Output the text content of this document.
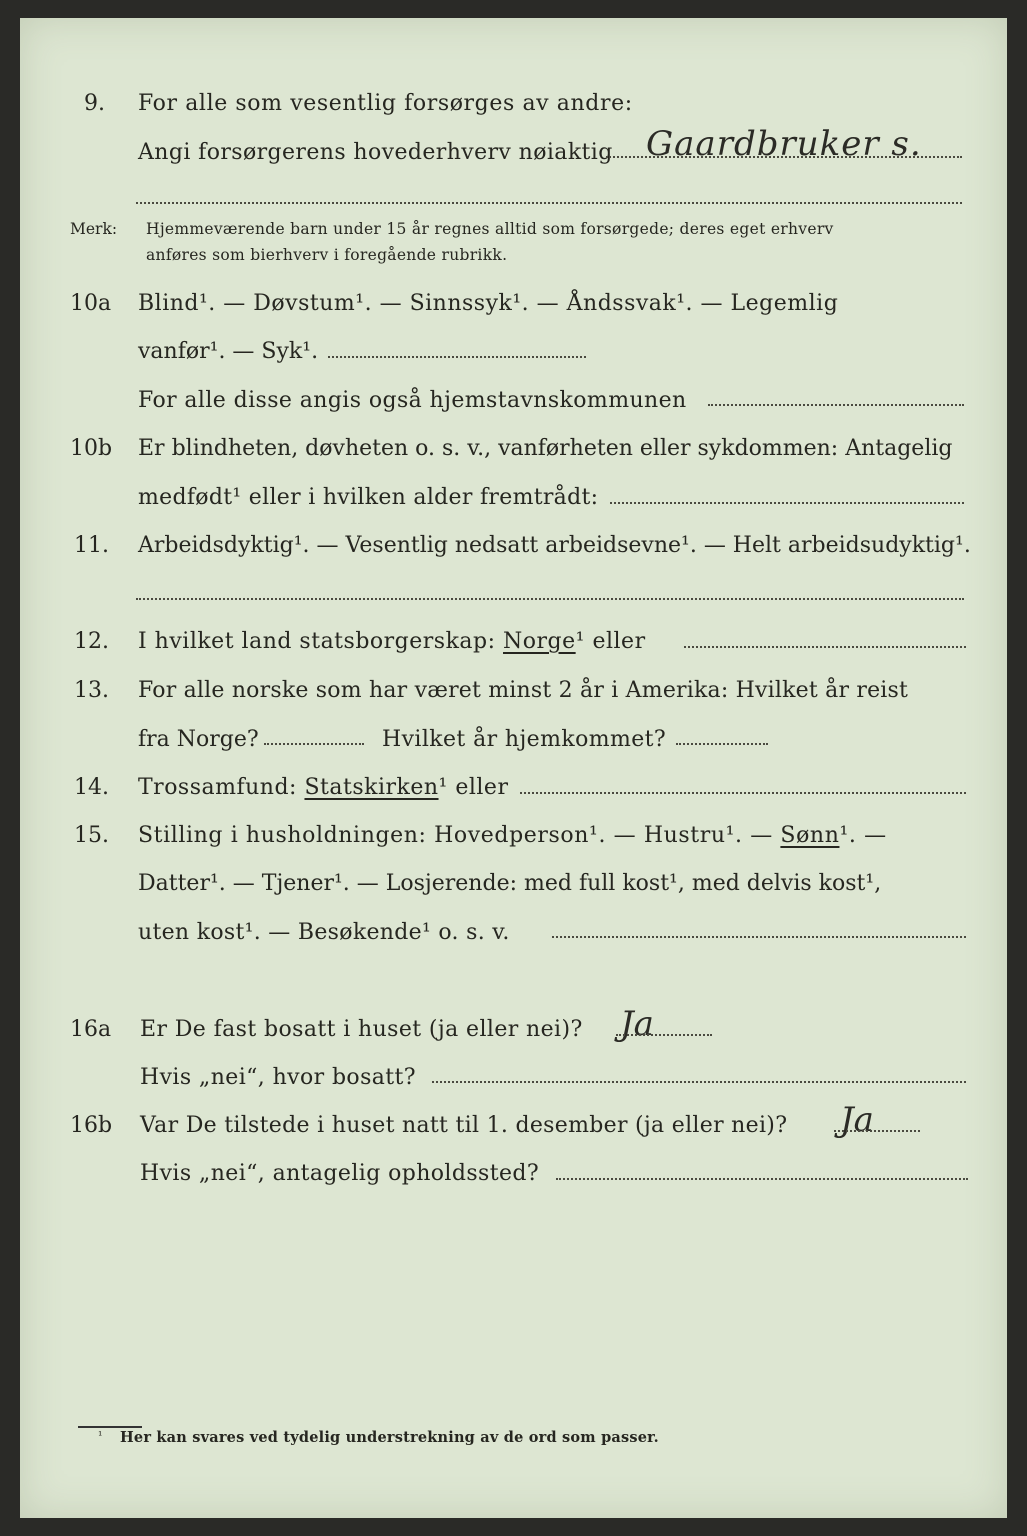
9. For alle som vesentlig forsørges av andre:
Angi forsørgerens hovederhverv nøiaktig Gaardbruker s.
Merk: Hjemmeværende barn under 15 år regnes alltid som forsørgede; deres eget erhverv
anføres som bierhverv i foregående rubrikk.
10a Blind¹. — Døvstum¹. — Sinnssyk¹. — Åndssvak¹. — Legemlig
vanfør¹. — Syk¹.
For alle disse angis også hjemstavnskommunen
10b Er blindheten, døvheten o. s. v., vanførheten eller sykdommen: Antagelig
medfødt¹ eller i hvilken alder fremtrådt:
11. Arbeidsdyktig¹. — Vesentlig nedsatt arbeidsevne¹. — Helt arbeidsudyktig¹.
12. I hvilket land statsborgerskap: Norge¹ eller
13. For alle norske som har været minst 2 år i Amerika: Hvilket år reist
fra Norge?	Hvilket år hjemkommet?
14. Trossamfund: Statskirken¹ eller
15. Stilling i husholdningen: Hovedperson¹. — Hustru¹. — Sønn¹. —
Datter¹. — Tjener¹. — Losjerende: med full kost¹, med delvis kost¹,
uten kost¹. — Besøkende¹ o. s. v.
16a Er De fast bosatt i huset (ja eller nei)? Ja
Hvis „nei“, hvor bosatt?
16b Var De tilstede i huset natt til 1. desember (ja eller nei)? Ja
Hvis „nei“, antagelig opholdssted?
¹ Her kan svares ved tydelig understrekning av de ord som passer.
